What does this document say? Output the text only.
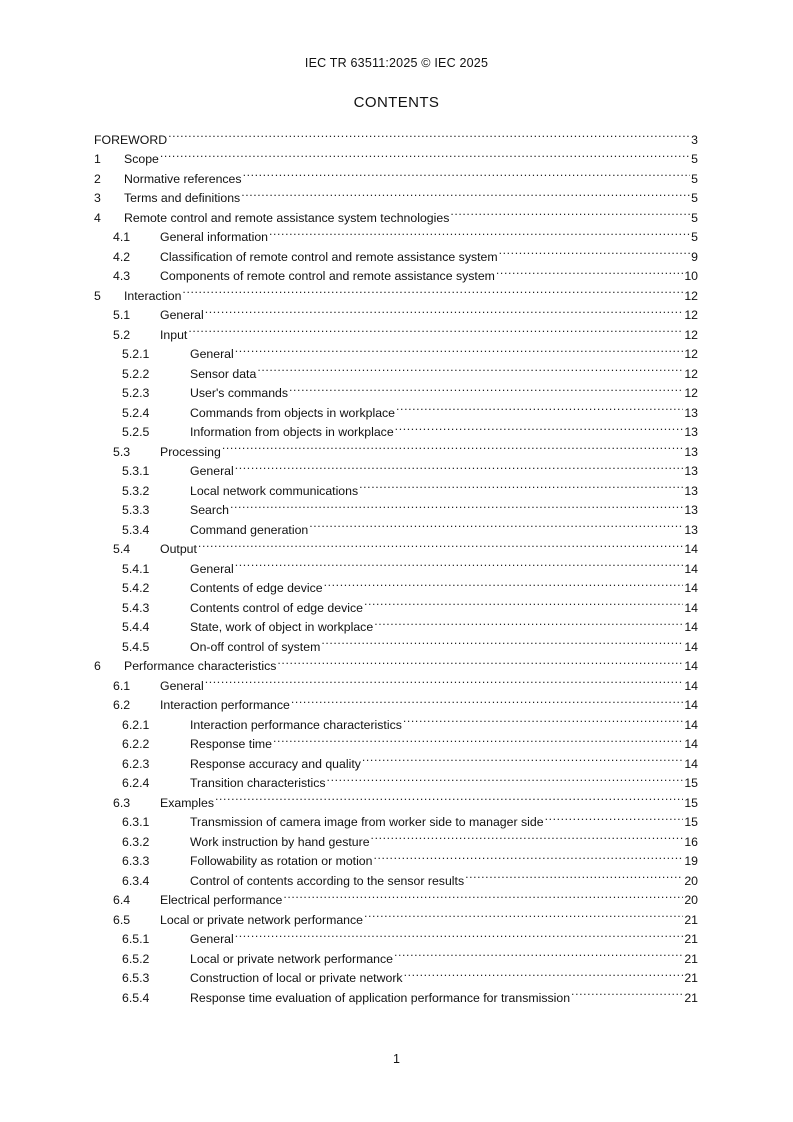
IEC TR 63511:2025 © IEC 2025
CONTENTS
FOREWORD .....	3
1	Scope .....	5
2	Normative references .....	5
3	Terms and definitions .....	5
4	Remote control and remote assistance system technologies .....	5
4.1	General information .....	5
4.2	Classification of remote control and remote assistance system .....	9
4.3	Components of remote control and remote assistance system .....	10
5	Interaction .....	12
5.1	General .....	12
5.2	Input .....	12
5.2.1	General .....	12
5.2.2	Sensor data .....	12
5.2.3	User's commands .....	12
5.2.4	Commands from objects in workplace .....	13
5.2.5	Information from objects in workplace .....	13
5.3	Processing .....	13
5.3.1	General .....	13
5.3.2	Local network communications .....	13
5.3.3	Search .....	13
5.3.4	Command generation .....	13
5.4	Output .....	14
5.4.1	General .....	14
5.4.2	Contents of edge device .....	14
5.4.3	Contents control of edge device .....	14
5.4.4	State, work of object in workplace .....	14
5.4.5	On-off control of system .....	14
6	Performance characteristics .....	14
6.1	General .....	14
6.2	Interaction performance .....	14
6.2.1	Interaction performance characteristics .....	14
6.2.2	Response time .....	14
6.2.3	Response accuracy and quality .....	14
6.2.4	Transition characteristics .....	15
6.3	Examples .....	15
6.3.1	Transmission of camera image from worker side to manager side .....	15
6.3.2	Work instruction by hand gesture .....	16
6.3.3	Followability as rotation or motion .....	19
6.3.4	Control of contents according to the sensor results .....	20
6.4	Electrical performance .....	20
6.5	Local or private network performance .....	21
6.5.1	General .....	21
6.5.2	Local or private network performance .....	21
6.5.3	Construction of local or private network .....	21
6.5.4	Response time evaluation of application performance for transmission .....	21
1
